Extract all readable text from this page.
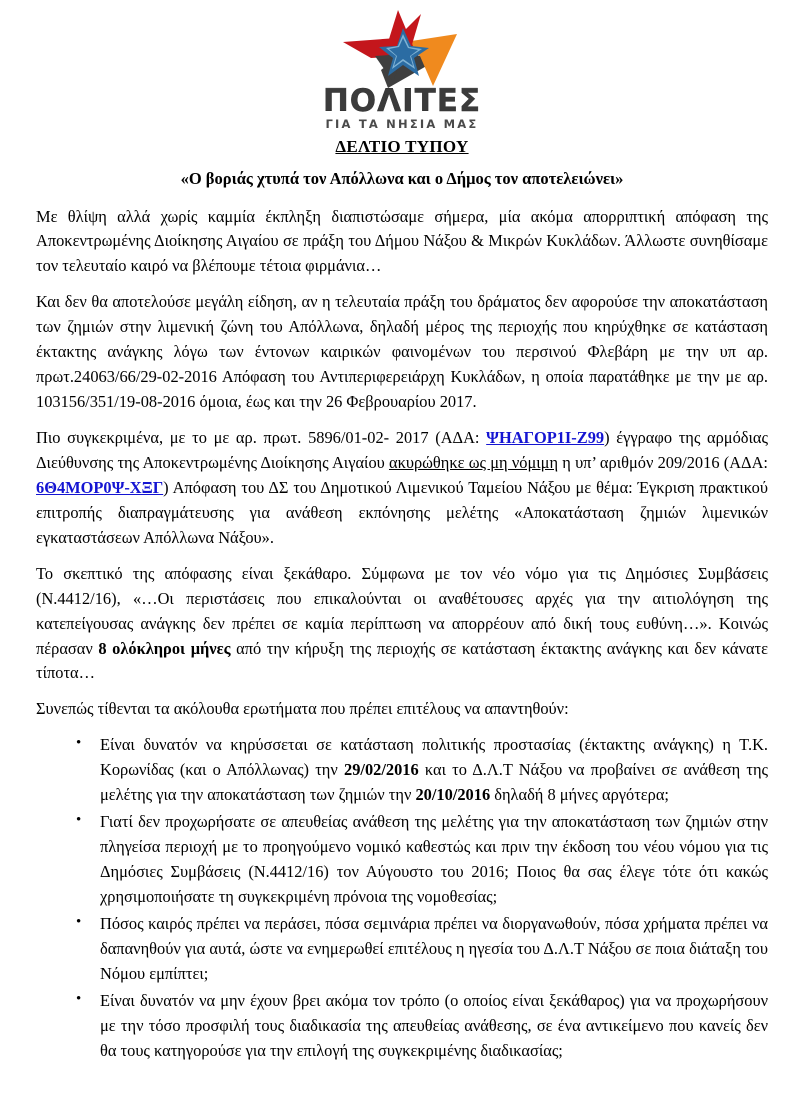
ΠΟΛΙΤΕΣ
ΓΙΑ ΤΑ ΝΗΣΙΑ ΜΑΣ
ΔΕΛΤΙΟ ΤΥΠΟΥ
«Ο βοριάς χτυπά τον Απόλλωνα και ο Δήμος τον αποτελειώνει»

Με θλίψη αλλά χωρίς καμμία έκπληξη διαπιστώσαμε σήμερα, μία ακόμα απορριπτική απόφαση της Αποκεντρωμένης Διοίκησης Αιγαίου σε πράξη του Δήμου Νάξου & Μικρών Κυκλάδων. Άλλωστε συνηθίσαμε τον τελευταίο καιρό να βλέπουμε τέτοια φιρμάνια…

Και δεν θα αποτελούσε μεγάλη είδηση, αν η τελευταία πράξη του δράματος δεν αφορούσε την αποκατάσταση των ζημιών στην λιμενική ζώνη του Απόλλωνα, δηλαδή μέρος της περιοχής που κηρύχθηκε σε κατάσταση έκτακτης ανάγκης λόγω των έντονων καιρικών φαινομένων του περσινού Φλεβάρη με την υπ αρ. πρωτ.24063/66/29-02-2016 Απόφαση του Αντιπεριφερειάρχη Κυκλάδων, η οποία παρατάθηκε με την με αρ. 103156/351/19-08-2016 όμοια, έως και την 26 Φεβρουαρίου 2017.

Πιο συγκεκριμένα, με το με αρ. πρωτ. 5896/01-02- 2017 (ΑΔΑ: ΨΗΑΓΟΡ1Ι-Ζ99) έγγραφο της αρμόδιας Διεύθυνσης της Αποκεντρωμένης Διοίκησης Αιγαίου ακυρώθηκε ως μη νόμιμη η υπ’ αριθμόν 209/2016 (ΑΔΑ: 6Θ4ΜΟΡ0Ψ-ΧΞΓ) Απόφαση του ΔΣ του Δημοτικού Λιμενικού Ταμείου Νάξου με θέμα: Έγκριση πρακτικού επιτροπής διαπραγμάτευσης για ανάθεση εκπόνησης μελέτης «Αποκατάσταση ζημιών λιμενικών εγκαταστάσεων Απόλλωνα Νάξου».

Το σκεπτικό της απόφασης είναι ξεκάθαρο. Σύμφωνα με τον νέο νόμο για τις Δημόσιες Συμβάσεις (Ν.4412/16), «…Οι περιστάσεις που επικαλούνται οι αναθέτουσες αρχές για την αιτιολόγηση της κατεπείγουσας ανάγκης δεν πρέπει σε καμία περίπτωση να απορρέουν από δική τους ευθύνη…». Κοινώς πέρασαν 8 ολόκληροι μήνες από την κήρυξη της περιοχής σε κατάσταση έκτακτης ανάγκης και δεν κάνατε τίποτα…

Συνεπώς τίθενται τα ακόλουθα ερωτήματα που πρέπει επιτέλους να απαντηθούν:

• Είναι δυνατόν να κηρύσσεται σε κατάσταση πολιτικής προστασίας (έκτακτης ανάγκης) η Τ.Κ. Κορωνίδας (και ο Απόλλωνας) την 29/02/2016 και το Δ.Λ.Τ Νάξου να προβαίνει σε ανάθεση της μελέτης για την αποκατάσταση των ζημιών την 20/10/2016 δηλαδή 8 μήνες αργότερα;
• Γιατί δεν προχωρήσατε σε απευθείας ανάθεση της μελέτης για την αποκατάσταση των ζημιών στην πληγείσα περιοχή με το προηγούμενο νομικό καθεστώς και πριν την έκδοση του νέου νόμου για τις Δημόσιες Συμβάσεις (Ν.4412/16) τον Αύγουστο του 2016; Ποιος θα σας έλεγε τότε ότι κακώς χρησιμοποιήσατε τη συγκεκριμένη πρόνοια της νομοθεσίας;
• Πόσος καιρός πρέπει να περάσει, πόσα σεμινάρια πρέπει να διοργανωθούν, πόσα χρήματα πρέπει να δαπανηθούν για αυτά, ώστε να ενημερωθεί επιτέλους η ηγεσία του Δ.Λ.Τ Νάξου σε ποια διάταξη του Νόμου εμπίπτει;
• Είναι δυνατόν να μην έχουν βρει ακόμα τον τρόπο (ο οποίος είναι ξεκάθαρος) για να προχωρήσουν με την τόσο προσφιλή τους διαδικασία της απευθείας ανάθεσης, σε ένα αντικείμενο που κανείς δεν θα τους κατηγορούσε για την επιλογή της συγκεκριμένης διαδικασίας;
